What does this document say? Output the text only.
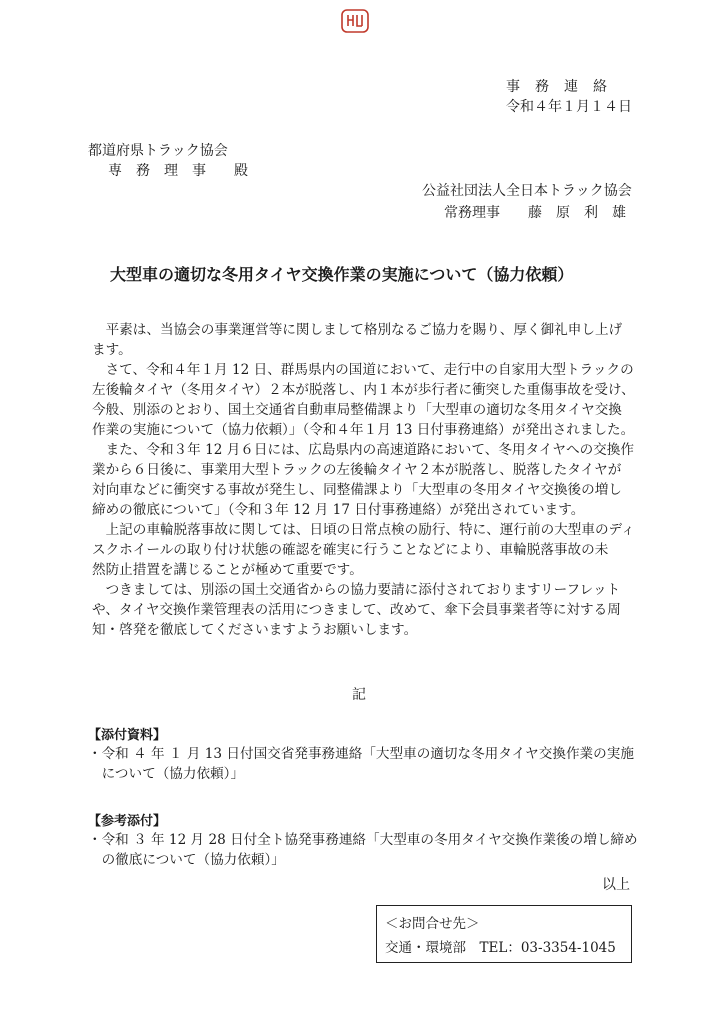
事　務　連　絡
令和４年１月１４日
都道府県トラック協会
専　務　理　事　　殿
公益社団法人全日本トラック協会
常務理事　　藤　原　利　雄
大型車の適切な冬用タイヤ交換作業の実施について（協力依頼）
　平素は、当協会の事業運営等に関しまして格別なるご協力を賜り、厚く御礼申し上げ
ます。
　さて、令和４年１月 12 日、群馬県内の国道において、走行中の自家用大型トラックの
左後輪タイヤ（冬用タイヤ）２本が脱落し、内１本が歩行者に衝突した重傷事故を受け、
今般、別添のとおり、国土交通省自動車局整備課より「大型車の適切な冬用タイヤ交換
作業の実施について（協力依頼）」（令和４年１月 13 日付事務連絡）が発出されました。
　また、令和３年 12 月６日には、広島県内の高速道路において、冬用タイヤへの交換作
業から６日後に、事業用大型トラックの左後輪タイヤ２本が脱落し、脱落したタイヤが
対向車などに衝突する事故が発生し、同整備課より「大型車の冬用タイヤ交換後の増し
締めの徹底について」（令和３年 12 月 17 日付事務連絡）が発出されています。
　上記の車輪脱落事故に関しては、日頃の日常点検の励行、特に、運行前の大型車のディ
スクホイールの取り付け状態の確認を確実に行うことなどにより、車輪脱落事故の未
然防止措置を講じることが極めて重要です。
　つきましては、別添の国土交通省からの協力要請に添付されておりますリーフレット
や、タイヤ交換作業管理表の活用につきまして、改めて、傘下会員事業者等に対する周
知・啓発を徹底してくださいますようお願いします。
記
【添付資料】
・令和 ４ 年 １ 月 13 日付国交省発事務連絡「大型車の適切な冬用タイヤ交換作業の実施
　について（協力依頼）」
【参考添付】
・令和 ３ 年 12 月 28 日付全ト協発事務連絡「大型車の冬用タイヤ交換作業後の増し締め
　の徹底について（協力依頼）」
以上
＜お問合せ先＞
交通・環境部　TEL：03-3354-1045
